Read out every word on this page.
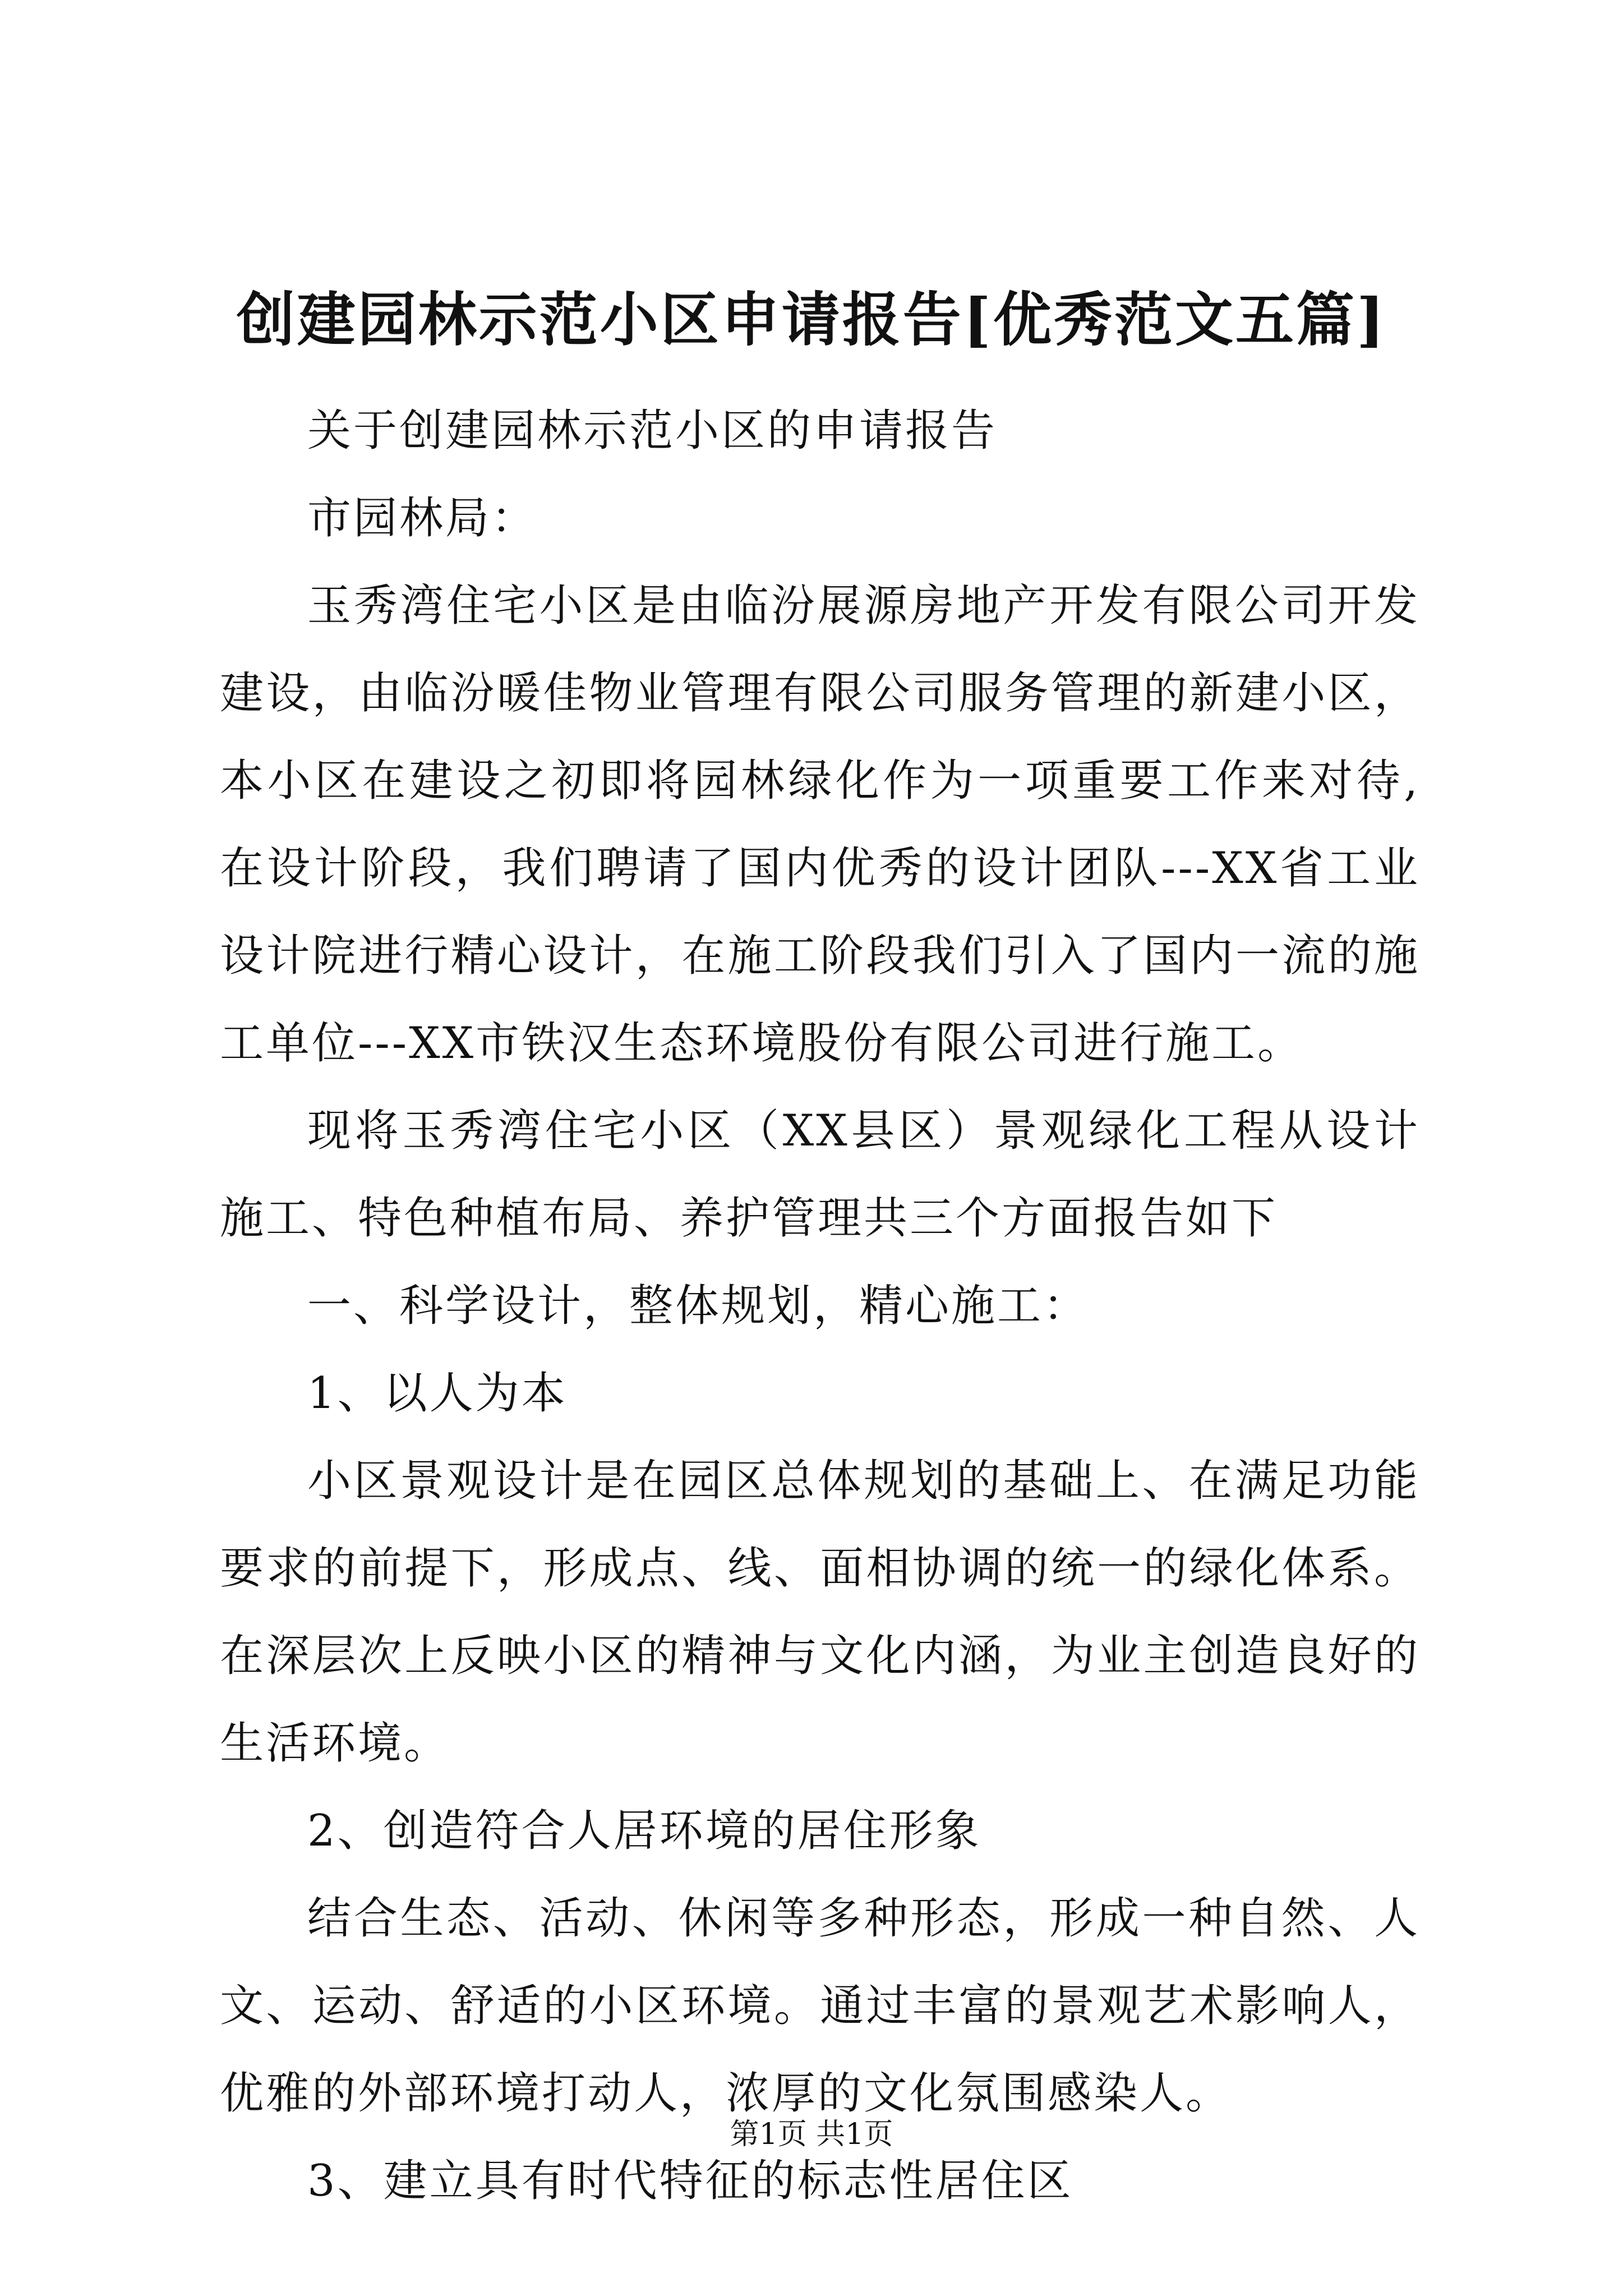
创建园林示范小区申请报告[优秀范文五篇]

关于创建园林示范小区的申请报告

市园林局：

玉秀湾住宅小区是由临汾展源房地产开发有限公司开发建设，由临汾暖佳物业管理有限公司服务管理的新建小区，本小区在建设之初即将园林绿化作为一项重要工作来对待,在设计阶段，我们聘请了国内优秀的设计团队---XX省工业设计院进行精心设计，在施工阶段我们引入了国内一流的施工单位---XX市铁汉生态环境股份有限公司进行施工。

现将玉秀湾住宅小区（XX县区）景观绿化工程从设计施工、特色种植布局、养护管理共三个方面报告如下

一、科学设计，整体规划，精心施工：

1、以人为本

小区景观设计是在园区总体规划的基础上、在满足功能要求的前提下，形成点、线、面相协调的统一的绿化体系。在深层次上反映小区的精神与文化内涵，为业主创造良好的生活环境。

2、创造符合人居环境的居住形象

结合生态、活动、休闲等多种形态，形成一种自然、人文、运动、舒适的小区环境。通过丰富的景观艺术影响人，优雅的外部环境打动人，浓厚的文化氛围感染人。

3、建立具有时代特征的标志性居住区

第1页 共1页
